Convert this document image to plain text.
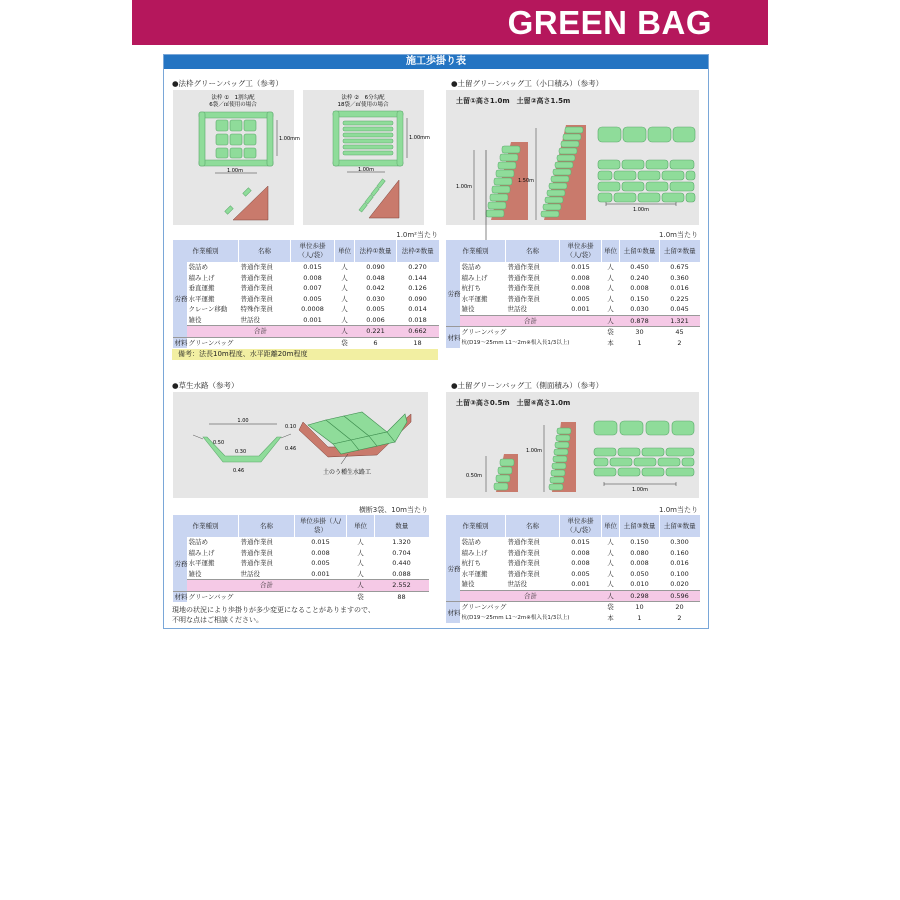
GREEN BAG
施工歩掛り表
●法枠グリーンバッグ工（参考）
法枠 ①　1割勾配
6袋／㎡使用の場合
1.00mm
1.00m
法枠 ②　6分勾配
18袋／㎡使用の場合
1.00mm
1.00m
1.0m²当たり
作業種別		名称	単位歩掛（人/袋）	単位	法枠①数量	法枠②数量
労務	袋詰め	普通作業員	0.015	人	0.090	0.270
	積み上げ	普通作業員	0.008	人	0.048	0.144
	垂直運搬	普通作業員	0.007	人	0.042	0.126
	水平運搬	普通作業員	0.005	人	0.030	0.090
	クレーン移動	特殊作業員	0.0008	人	0.005	0.014
	雑役	世話役	0.001	人	0.006	0.018
	合計			人	0.221	0.662
材料	グリーンバッグ			袋	6	18
備考：法長10m程度、水平距離20m程度
●土留グリーンバッグ工（小口積み）（参考）
土留①高さ1.0m　土留②高さ1.5m
1.00m
1.50m
1.00m
1.0m当たり
作業種別		名称	単位歩掛（人/袋）	単位	土留①数量	土留②数量
労務	袋詰め	普通作業員	0.015	人	0.450	0.675
	積み上げ	普通作業員	0.008	人	0.240	0.360
	杭打ち	普通作業員	0.008	人	0.008	0.016
	水平運搬	普通作業員	0.005	人	0.150	0.225
	雑役	世話役	0.001	人	0.030	0.045
	合計			人	0.878	1.321
材料	グリーンバッグ			袋	30	45
	杭(D19～25mm L1～2m※根入長1/3以上)			本	1	2
●草生水路（参考）
1.00
0.10
0.50
0.30	0.46
0.46	土のう種生水路工
横断3袋、10m当たり
作業種別		名称	単位歩掛（人/袋）	単位	数量
労務	袋詰め	普通作業員	0.015	人	1.320
	積み上げ	普通作業員	0.008	人	0.704
	水平運搬	普通作業員	0.005	人	0.440
	雑役	世話役	0.001	人	0.088
	合計			人	2.552
材料	グリーンバッグ			袋	88
現地の状況により歩掛りが多少変更になることがありますので、
不明な点はご相談ください。
●土留グリーンバッグ工（側面積み）（参考）
土留③高さ0.5m　土留④高さ1.0m
0.50m
1.00m
1.00m
1.0m当たり
作業種別		名称	単位歩掛（人/袋）	単位	土留③数量	土留④数量
労務	袋詰め	普通作業員	0.015	人	0.150	0.300
	積み上げ	普通作業員	0.008	人	0.080	0.160
	杭打ち	普通作業員	0.008	人	0.008	0.016
	水平運搬	普通作業員	0.005	人	0.050	0.100
	雑役	世話役	0.001	人	0.010	0.020
	合計			人	0.298	0.596
材料	グリーンバッグ			袋	10	20
	杭(D19～25mm L1～2m※根入長1/3以上)			本	1	2
